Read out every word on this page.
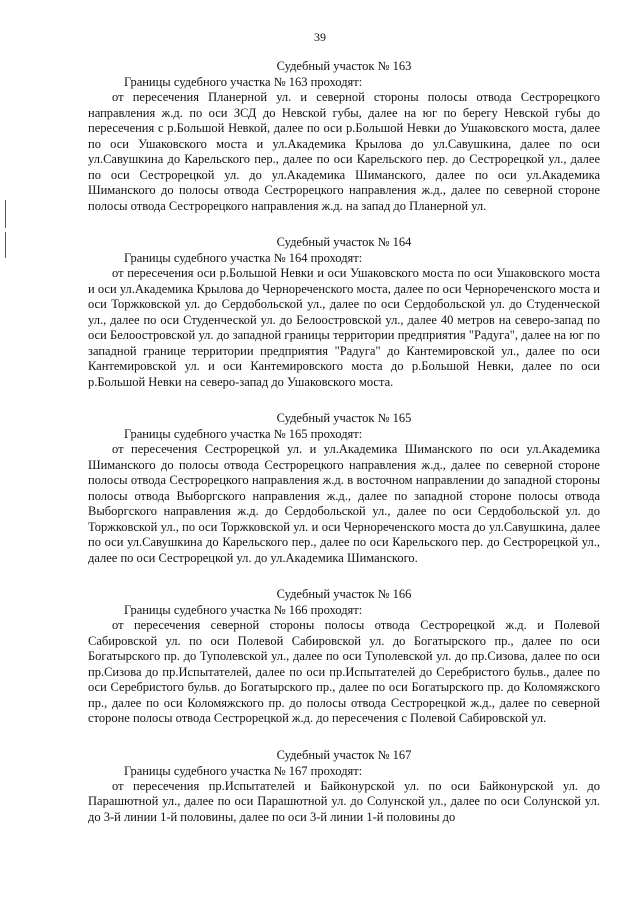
39
Судебный участок № 163
Границы судебного участка № 163 проходят:

от пересечения Планерной ул. и северной стороны полосы отвода Сестрорецкого направления ж.д. по оси ЗСД до Невской губы, далее на юг по берегу Невской губы до пересечения с р.Большой Невкой, далее по оси р.Большой Невки до Ушаковского моста, далее по оси Ушаковского моста и ул.Академика Крылова до ул.Савушкина, далее по оси ул.Савушкина до Карельского пер., далее по оси Карельского пер. до Сестрорецкой ул., далее по оси Сестрорецкой ул. до ул.Академика Шиманского, далее по оси ул.Академика Шиманского до полосы отвода Сестрорецкого направления ж.д., далее по северной стороне полосы отвода Сестрорецкого направления ж.д. на запад до Планерной ул.

Судебный участок № 164
Границы судебного участка № 164 проходят:

от пересечения оси р.Большой Невки и оси Ушаковского моста по оси Ушаковского моста и оси ул.Академика Крылова до Чернореченского моста, далее по оси Чернореченского моста и оси Торжковской ул. до Сердобольской ул., далее по оси Сердобольской ул. до Студенческой ул., далее по оси Студенческой ул. до Белоостровской ул., далее 40 метров на северо-запад по оси Белоостровской ул. до западной границы территории предприятия "Радуга", далее на юг по западной границе территории предприятия "Радуга" до Кантемировской ул., далее по оси Кантемировской ул. и оси Кантемировского моста до р.Большой Невки, далее по оси р.Большой Невки на северо-запад до Ушаковского моста.

Судебный участок № 165
Границы судебного участка № 165 проходят:

от пересечения Сестрорецкой ул. и ул.Академика Шиманского по оси ул.Академика Шиманского до полосы отвода Сестрорецкого направления ж.д., далее по северной стороне полосы отвода Сестрорецкого направления ж.д. в восточном направлении до западной стороны полосы отвода Выборгского направления ж.д., далее по западной стороне полосы отвода Выборгского направления ж.д. до Сердобольской ул., далее по оси Сердобольской ул. до Торжковской ул., по оси Торжковской ул. и оси Чернореченского моста до ул.Савушкина, далее по оси ул.Савушкина до Карельского пер., далее по оси Карельского пер. до Сестрорецкой ул., далее по оси Сестрорецкой ул. до ул.Академика Шиманского.

Судебный участок № 166
Границы судебного участка № 166 проходят:

от пересечения северной стороны полосы отвода Сестрорецкой ж.д. и Полевой Сабировской ул. по оси Полевой Сабировской ул. до Богатырского пр., далее по оси Богатырского пр. до Туполевской ул., далее по оси Туполевской ул. до пр.Сизова, далее по оси пр.Сизова до пр.Испытателей, далее по оси пр.Испытателей до Серебристого бульв., далее по оси Серебристого бульв. до Богатырского пр., далее по оси Богатырского пр. до Коломяжского пр., далее по оси Коломяжского пр. до полосы отвода Сестрорецкой ж.д., далее по северной стороне полосы отвода Сестрорецкой ж.д. до пересечения с Полевой Сабировской ул.

Судебный участок № 167
Границы судебного участка № 167 проходят:

от пересечения пр.Испытателей и Байконурской ул. по оси Байконурской ул. до Парашютной ул., далее по оси Парашютной ул. до Солунской ул., далее по оси Солунской ул. до 3-й линии 1-й половины, далее по оси 3-й линии 1-й половины до
